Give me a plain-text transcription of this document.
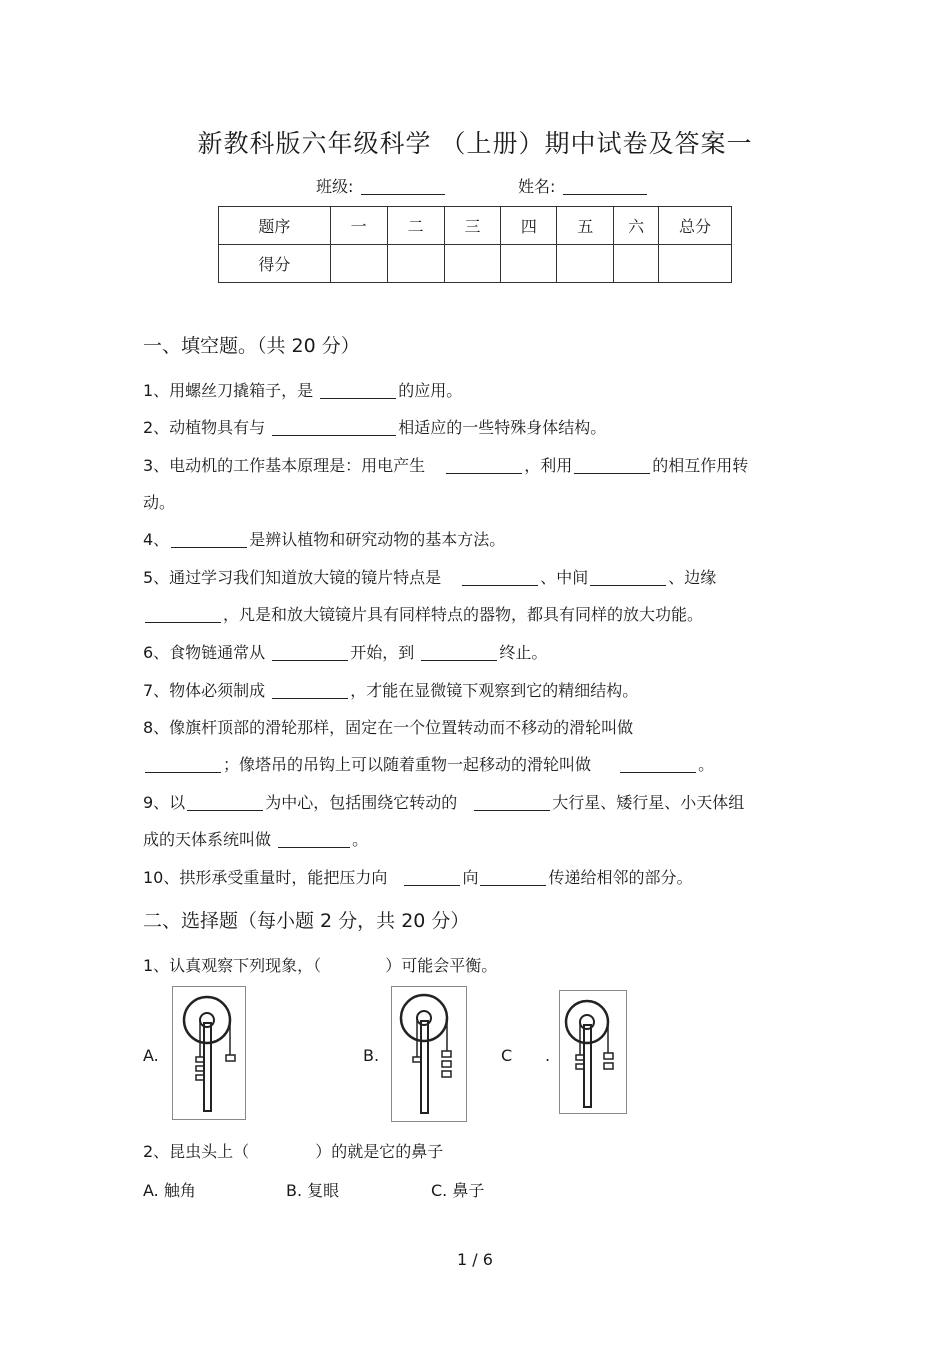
新教科版六年级科学 （上册）期中试卷及答案一
班级:	姓名:
题序	一	二	三	四	五	六	总分
得分							
一、填空题。（共 20 分）
1、用螺丝刀撬箱子，是	的应用。
2、动植物具有与	相适应的一些特殊身体结构。
3、电动机的工作基本原理是：用电产生	，利用	的相互作用转
动。
4、	是辨认植物和研究动物的基本方法。
5、通过学习我们知道放大镜的镜片特点是	、中间	、边缘
，凡是和放大镜镜片具有同样特点的器物，都具有同样的放大功能。
6、食物链通常从	开始，到	终止。
7、物体必须制成	，才能在显微镜下观察到它的精细结构。
8、像旗杆顶部的滑轮那样，固定在一个位置转动而不移动的滑轮叫做
；像塔吊的吊钩上可以随着重物一起移动的滑轮叫做	。
9、以	为中心，包括围绕它转动的	大行星、矮行星、小天体组
成的天体系统叫做	。
10、拱形承受重量时，能把压力向	向	传递给相邻的部分。
二、选择题（每小题 2 分，共 20 分）
1、认真观察下列现象，（	）可能会平衡。
A.	B.	C .
2、昆虫头上（	）的就是它的鼻子
A. 触角	B. 复眼	C. 鼻子
1 / 6
